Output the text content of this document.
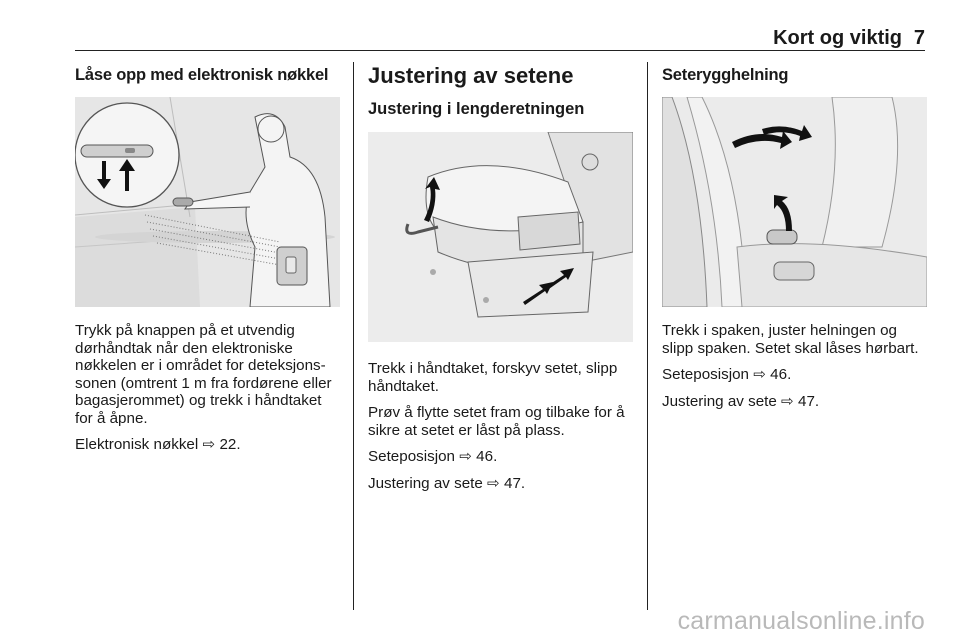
Kort og viktig 7
Låse opp med elektronisk nøkkel

Trykk på knappen på et utvendig dørhåndtak når den elektroniske nøkkelen er i området for deteksjonssonen (omtrent 1 m fra fordørene eller bagasjerommet) og trekk i håndtaket for å åpne.

Elektronisk nøkkel ⇨ 22.

Justering av setene
Justering i lengderetningen

Trekk i håndtaket, forskyv setet, slipp håndtaket.

Prøv å flytte setet fram og tilbake for å sikre at setet er låst på plass.

Seteposisjon ⇨ 46.

Justering av sete ⇨ 47.

Seterygghelning

Trekk i spaken, juster helningen og slipp spaken. Setet skal låses hørbart.

Seteposisjon ⇨ 46.

Justering av sete ⇨ 47.

carmanualsonline.info
